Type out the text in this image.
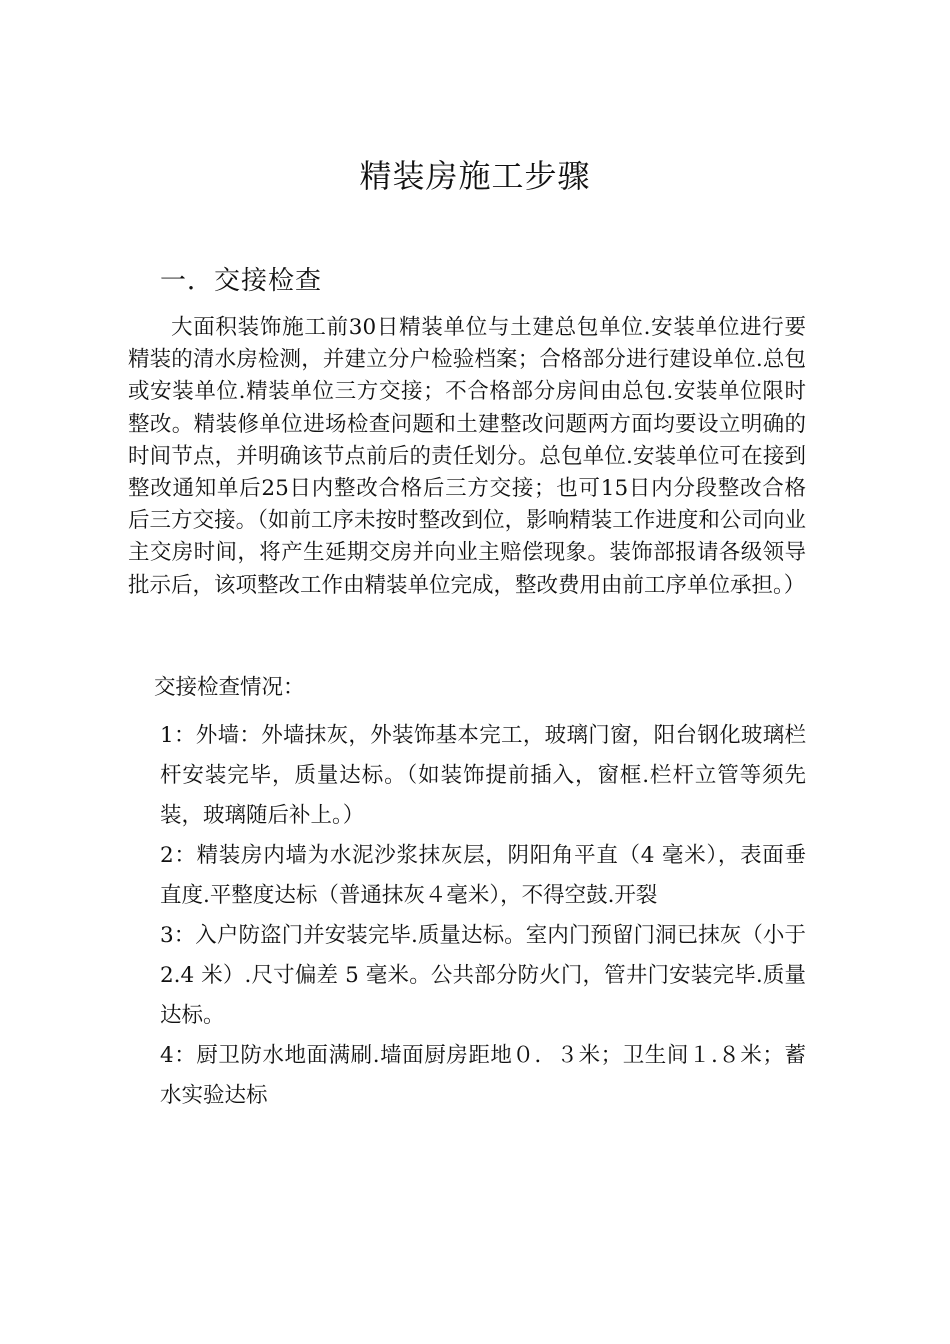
精装房施工步骤
一．交接检查

大面积装饰施工前30日精装单位与土建总包单位.安装单位进行要精装的清水房检测，并建立分户检验档案；合格部分进行建设单位.总包或安装单位.精装单位三方交接；不合格部分房间由总包.安装单位限时整改。精装修单位进场检查问题和土建整改问题两方面均要设立明确的时间节点，并明确该节点前后的责任划分。总包单位.安装单位可在接到整改通知单后25日内整改合格后三方交接；也可15日内分段整改合格后三方交接。（如前工序未按时整改到位，影响精装工作进度和公司向业主交房时间，将产生延期交房并向业主赔偿现象。装饰部报请各级领导批示后，该项整改工作由精装单位完成，整改费用由前工序单位承担。）

交接检查情况：

1：外墙：外墙抹灰，外装饰基本完工，玻璃门窗，阳台钢化玻璃栏杆安装完毕，质量达标。（如装饰提前插入，窗框.栏杆立管等须先装，玻璃随后补上。）

2：精装房内墙为水泥沙浆抹灰层，阴阳角平直（4 毫米），表面垂直度.平整度达标（普通抹灰４毫米），不得空鼓.开裂

3：入户防盗门并安装完毕.质量达标。室内门预留门洞已抹灰（小于 2.4 米）.尺寸偏差 5 毫米。公共部分防火门，管井门安装完毕.质量达标。

4：厨卫防水地面满刷.墙面厨房距地０．３米；卫生间１.８米；蓄水实验达标
